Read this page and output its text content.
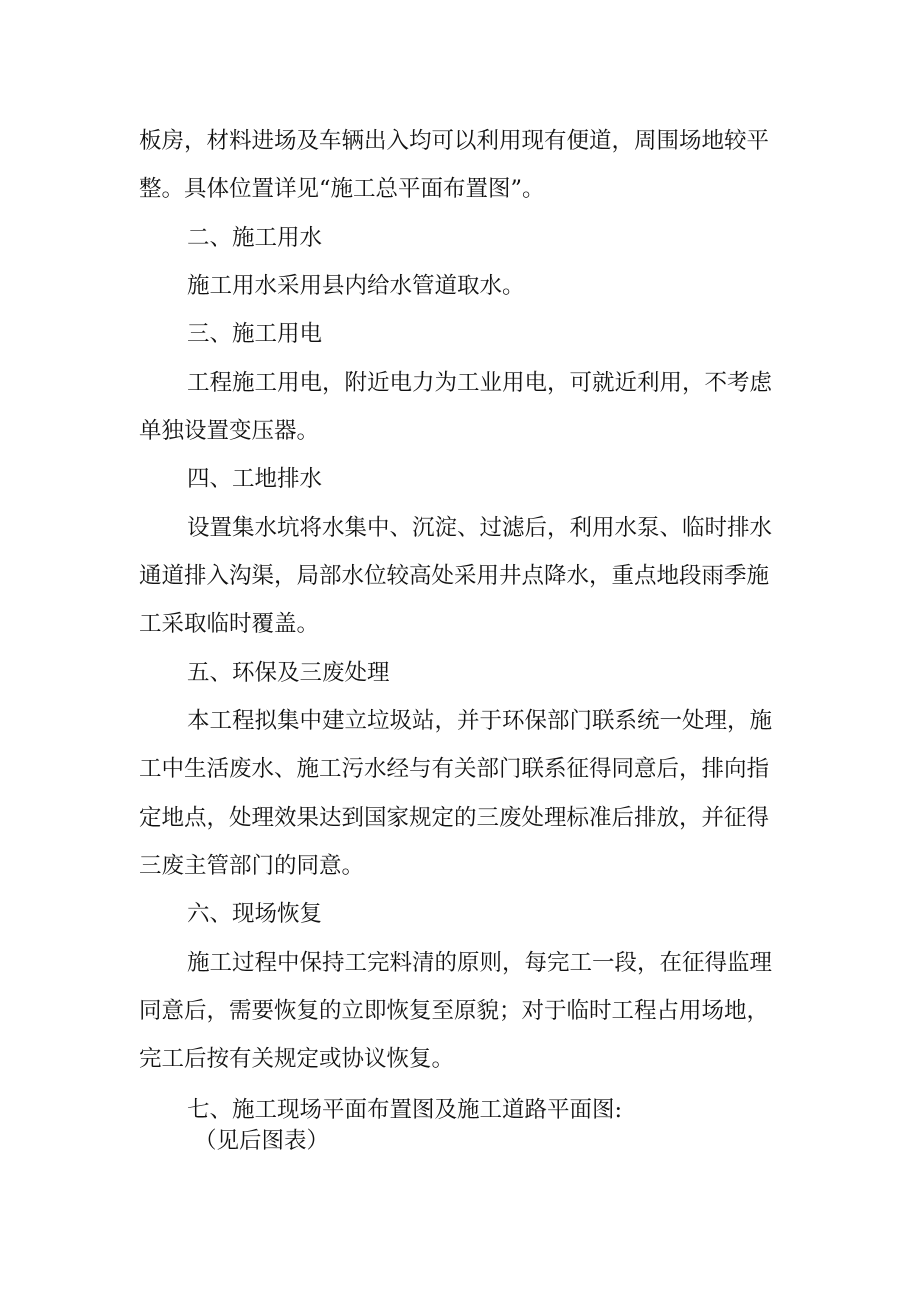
板房，材料进场及车辆出入均可以利用现有便道，周围场地较平

整。具体位置详见“施工总平面布置图”。

二、施工用水

施工用水采用县内给水管道取水。

三、施工用电

工程施工用电，附近电力为工业用电，可就近利用，不考虑

单独设置变压器。

四、工地排水

设置集水坑将水集中、沉淀、过滤后，利用水泵、临时排水

通道排入沟渠，局部水位较高处采用井点降水，重点地段雨季施

工采取临时覆盖。

五、环保及三废处理

本工程拟集中建立垃圾站，并于环保部门联系统一处理，施

工中生活废水、施工污水经与有关部门联系征得同意后，排向指

定地点，处理效果达到国家规定的三废处理标准后排放，并征得

三废主管部门的同意。

六、现场恢复

施工过程中保持工完料清的原则，每完工一段，在征得监理

同意后，需要恢复的立即恢复至原貌；对于临时工程占用场地，

完工后按有关规定或协议恢复。

七、施工现场平面布置图及施工道路平面图:

（见后图表）
